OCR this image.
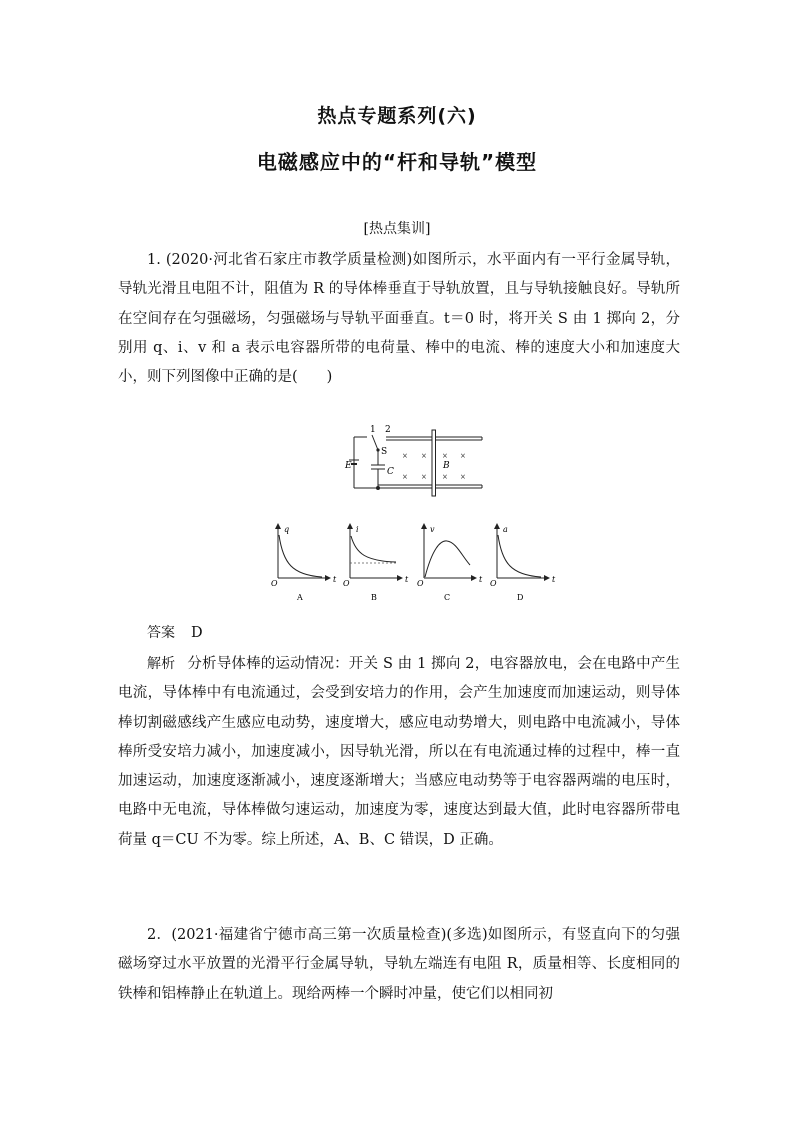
热点专题系列(六)
电磁感应中的“杆和导轨”模型
[热点集训]

1. (2020·河北省石家庄市教学质量检测)如图所示，水平面内有一平行金属导轨，导轨光滑且电阻不计，阻值为 R 的导体棒垂直于导轨放置，且与导轨接触良好。导轨所在空间存在匀强磁场，匀强磁场与导轨平面垂直。t＝0 时，将开关 S 由 1 掷向 2，分别用 q、i、v 和 a 表示电容器所带的电荷量、棒中的电流、棒的速度大小和加速度大小，则下列图像中正确的是(　　)

1 2
S
E
C
B
× × × ×
× × × ×
q
t
O
A
i
t
O
B
v
t
O
C
a
t
O
D
答案 D

解析 分析导体棒的运动情况：开关 S 由 1 掷向 2，电容器放电，会在电路中产生电流，导体棒中有电流通过，会受到安培力的作用，会产生加速度而加速运动，则导体棒切割磁感线产生感应电动势，速度增大，感应电动势增大，则电路中电流减小，导体棒所受安培力减小，加速度减小，因导轨光滑，所以在有电流通过棒的过程中，棒一直加速运动，加速度逐渐减小，速度逐渐增大；当感应电动势等于电容器两端的电压时，电路中无电流，导体棒做匀速运动，加速度为零，速度达到最大值，此时电容器所带电荷量 q＝CU 不为零。综上所述，A、B、C 错误，D 正确。

2．(2021·福建省宁德市高三第一次质量检查)(多选)如图所示，有竖直向下的匀强磁场穿过水平放置的光滑平行金属导轨，导轨左端连有电阻 R，质量相等、长度相同的铁棒和铝棒静止在轨道上。现给两棒一个瞬时冲量，使它们以相同初
